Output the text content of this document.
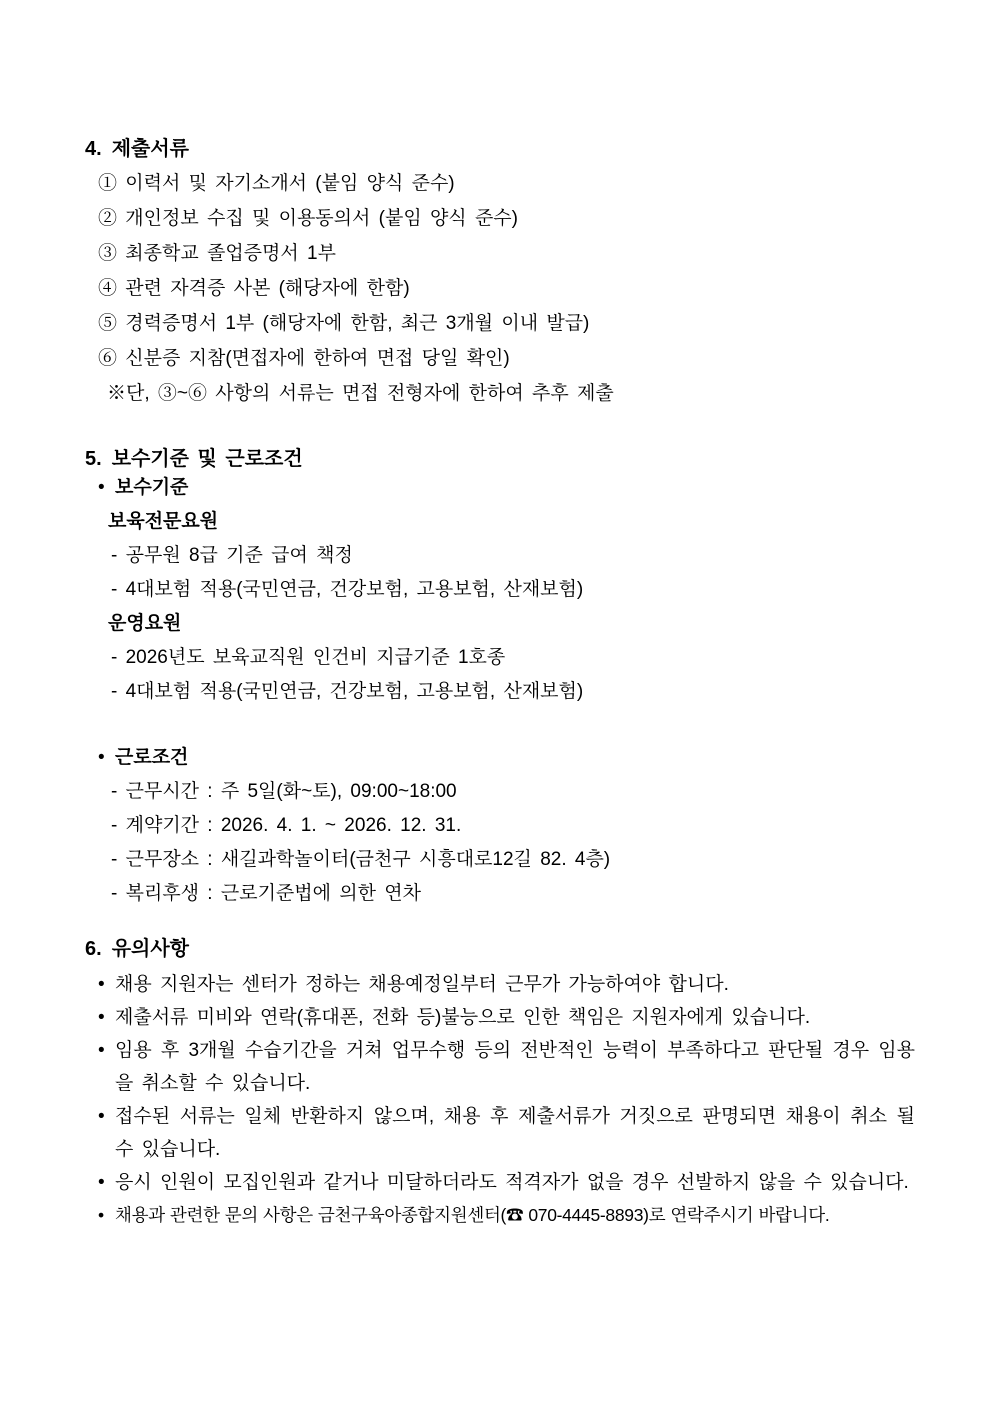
4. 제출서류
① 이력서 및 자기소개서 (붙임 양식 준수)
② 개인정보 수집 및 이용동의서 (붙임 양식 준수)
③ 최종학교 졸업증명서 1부
④ 관련 자격증 사본 (해당자에 한함)
⑤ 경력증명서 1부 (해당자에 한함, 최근 3개월 이내 발급)
⑥ 신분증 지참(면접자에 한하여 면접 당일 확인)
※단, ③~⑥ 사항의 서류는 면접 전형자에 한하여 추후 제출
5. 보수기준 및 근로조건
• 보수기준
보육전문요원
- 공무원 8급 기준 급여 책정
- 4대보험 적용(국민연금, 건강보험, 고용보험, 산재보험)
운영요원
- 2026년도 보육교직원 인건비 지급기준 1호종
- 4대보험 적용(국민연금, 건강보험, 고용보험, 산재보험)
• 근로조건
- 근무시간 : 주 5일(화~토), 09:00~18:00
- 계약기간 : 2026. 4. 1. ~ 2026. 12. 31.
- 근무장소 : 새길과학놀이터(금천구 시흥대로12길 82. 4층)
- 복리후생 : 근로기준법에 의한 연차
6. 유의사항
• 채용 지원자는 센터가 정하는 채용예정일부터 근무가 가능하여야 합니다.
• 제출서류 미비와 연락(휴대폰, 전화 등)불능으로 인한 책임은 지원자에게 있습니다.
• 임용 후 3개월 수습기간을 거쳐 업무수행 등의 전반적인 능력이 부족하다고 판단될 경우 임용을 취소할 수 있습니다.
• 접수된 서류는 일체 반환하지 않으며, 채용 후 제출서류가 거짓으로 판명되면 채용이 취소 될 수 있습니다.
• 응시 인원이 모집인원과 같거나 미달하더라도 적격자가 없을 경우 선발하지 않을 수 있습니다.
• 채용과 관련한 문의 사항은 금천구육아종합지원센터(☎ 070-4445-8893)로 연락주시기 바랍니다.
